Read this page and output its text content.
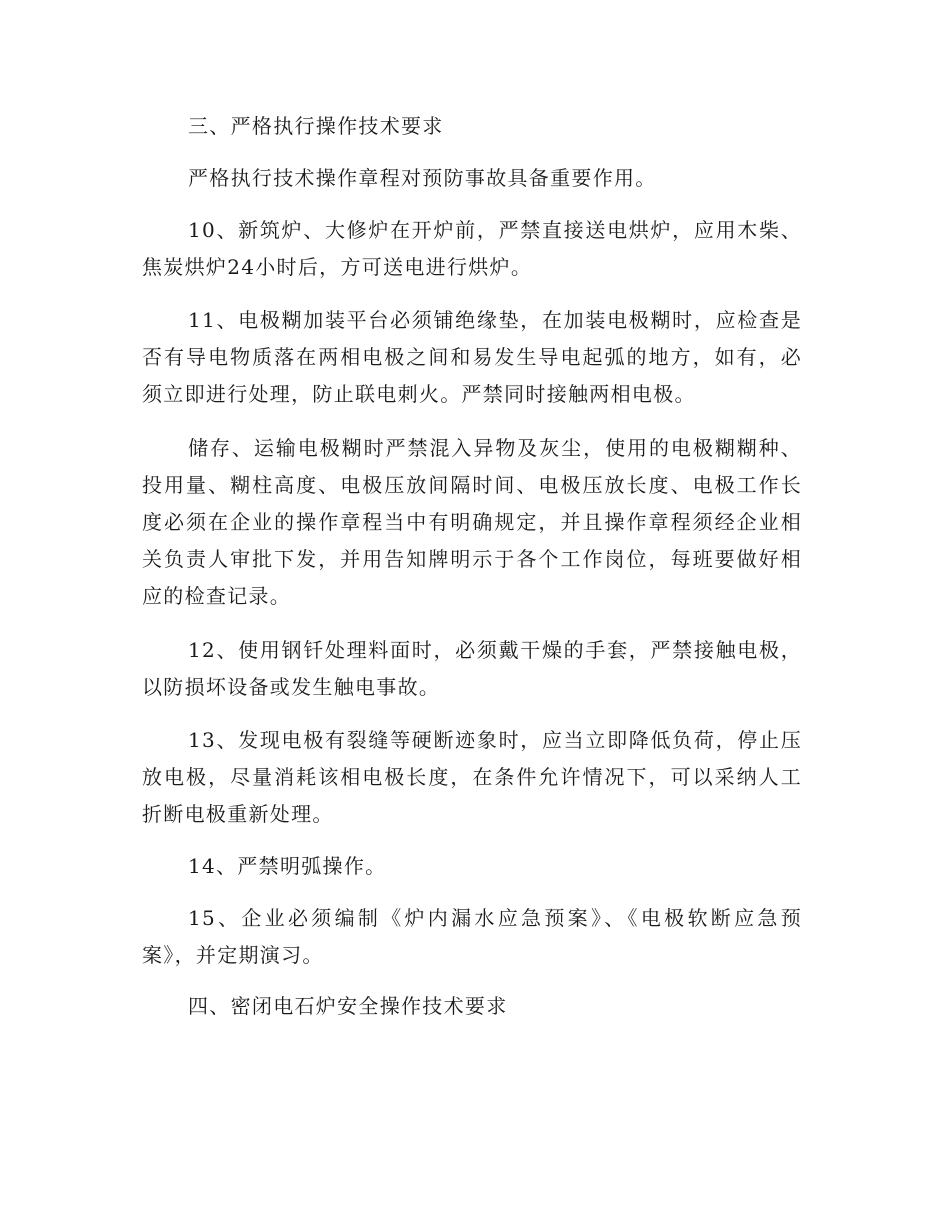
三、严格执行操作技术要求

严格执行技术操作章程对预防事故具备重要作用。

10、新筑炉、大修炉在开炉前，严禁直接送电烘炉，应用木柴、焦炭烘炉24小时后，方可送电进行烘炉。

11、电极糊加装平台必须铺绝缘垫，在加装电极糊时，应检查是否有导电物质落在两相电极之间和易发生导电起弧的地方，如有，必须立即进行处理，防止联电刺火。严禁同时接触两相电极。

储存、运输电极糊时严禁混入异物及灰尘，使用的电极糊糊种、投用量、糊柱高度、电极压放间隔时间、电极压放长度、电极工作长度必须在企业的操作章程当中有明确规定，并且操作章程须经企业相关负责人审批下发，并用告知牌明示于各个工作岗位，每班要做好相应的检查记录。

12、使用钢钎处理料面时，必须戴干燥的手套，严禁接触电极，以防损坏设备或发生触电事故。

13、发现电极有裂缝等硬断迹象时，应当立即降低负荷，停止压放电极，尽量消耗该相电极长度，在条件允许情况下，可以采纳人工折断电极重新处理。

14、严禁明弧操作。

15、企业必须编制《炉内漏水应急预案》、《电极软断应急预案》，并定期演习。

四、密闭电石炉安全操作技术要求
